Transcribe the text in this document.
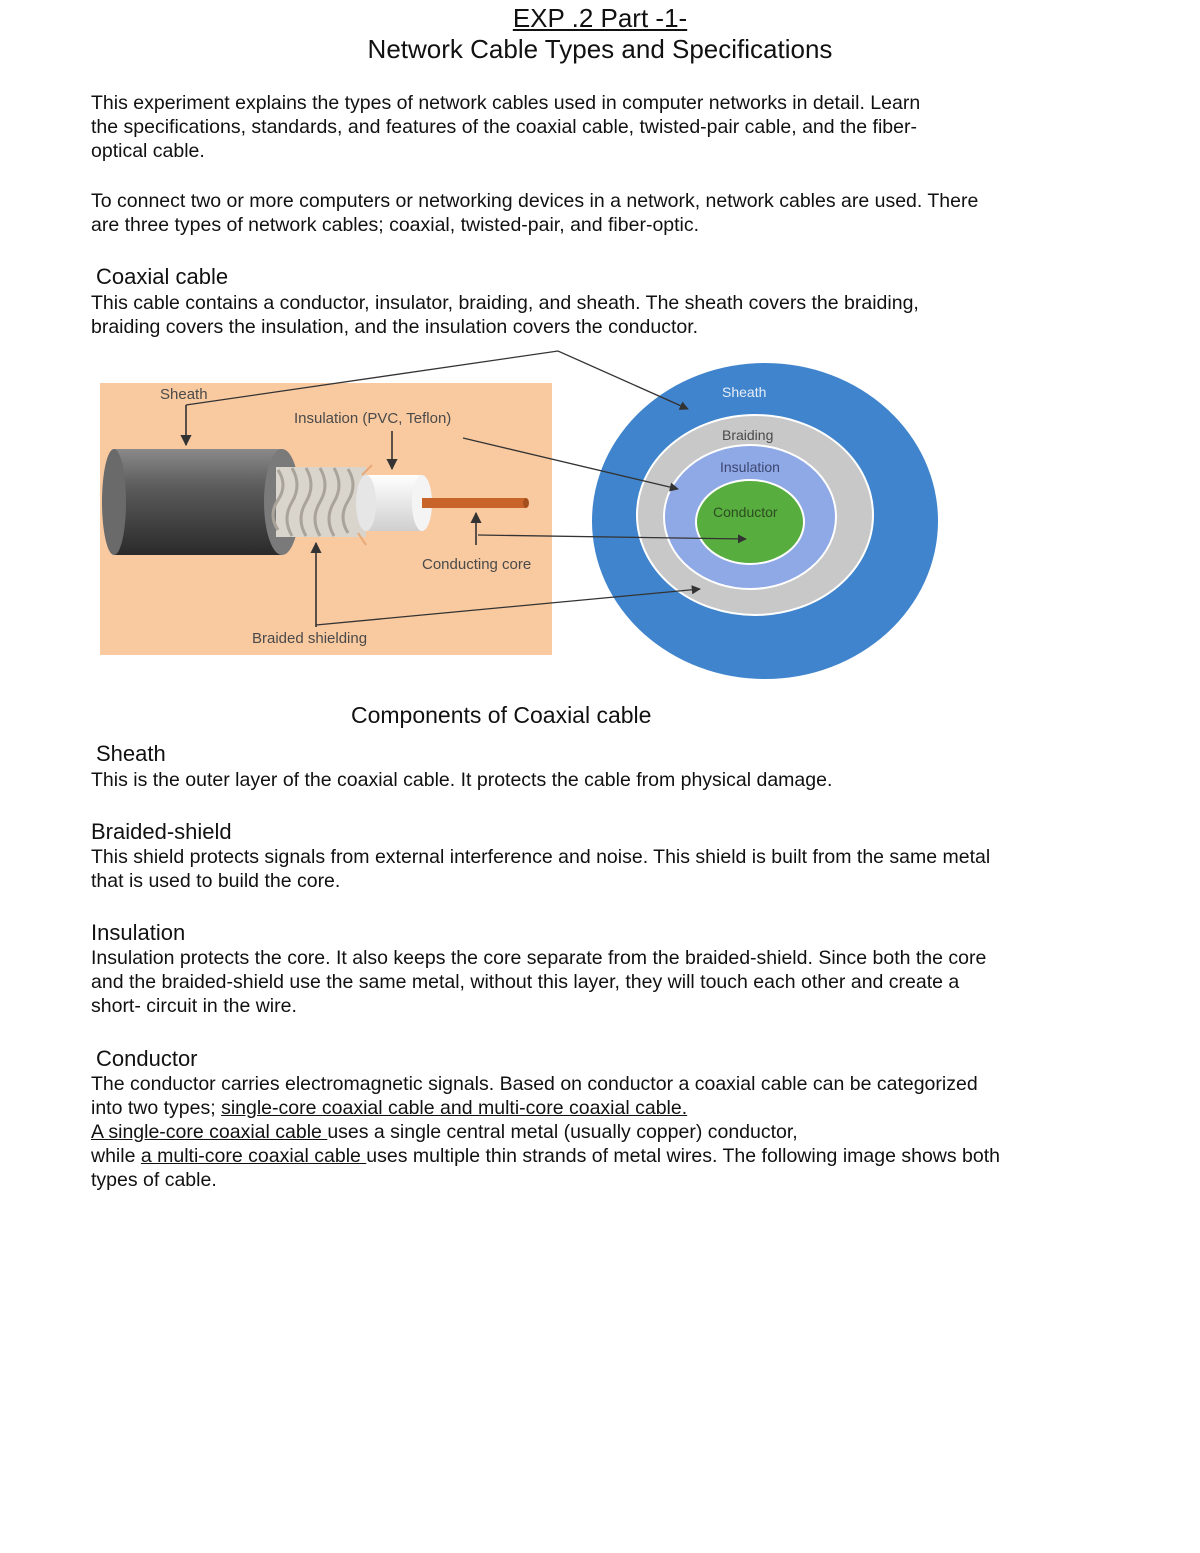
EXP .2 Part -1-
Network Cable Types and Specifications
This experiment explains the types of network cables used in computer networks in detail. Learn
the specifications, standards, and features of the coaxial cable, twisted-pair cable, and the fiber-
optical cable.
To connect two or more computers or networking devices in a network, network cables are used. There
are three types of network cables; coaxial, twisted-pair, and fiber-optic.
Coaxial cable
This cable contains a conductor, insulator, braiding, and sheath. The sheath covers the braiding,
braiding covers the insulation, and the insulation covers the conductor.
Sheath
Insulation (PVC, Teflon)
Conducting core
Braided shielding
Sheath
Braiding
Insulation
Conductor
Components of Coaxial cable
Sheath
This is the outer layer of the coaxial cable. It protects the cable from physical damage.
Braided-shield
This shield protects signals from external interference and noise. This shield is built from the same metal
that is used to build the core.
Insulation
Insulation protects the core. It also keeps the core separate from the braided-shield. Since both the core
and the braided-shield use the same metal, without this layer, they will touch each other and create a
short- circuit in the wire.
Conductor
The conductor carries electromagnetic signals. Based on conductor a coaxial cable can be categorized
into two types; single-core coaxial cable and multi-core coaxial cable.
A single-core coaxial cable uses a single central metal (usually copper) conductor,
while a multi-core coaxial cable uses multiple thin strands of metal wires. The following image shows both
types of cable.
